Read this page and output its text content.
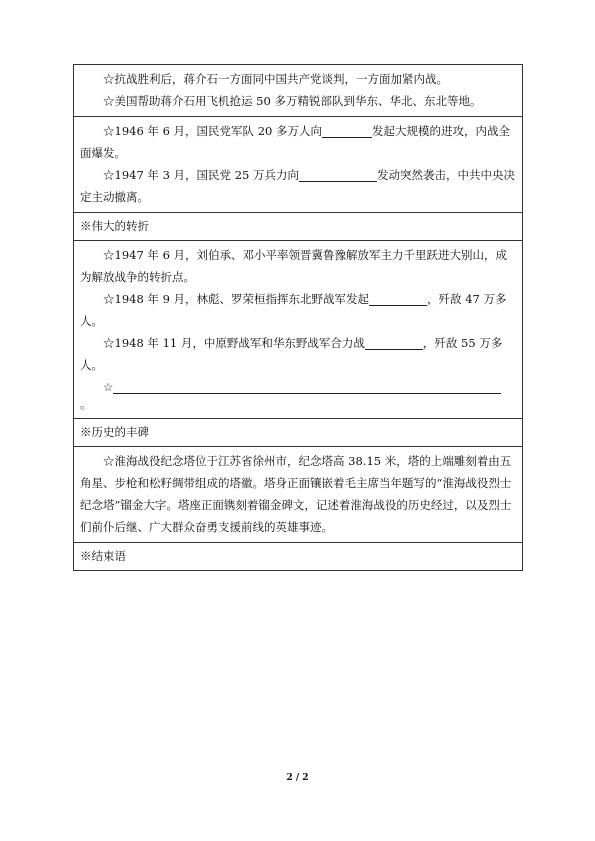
☆抗战胜利后，蒋介石一方面同中国共产党谈判，一方面加紧内战。

☆美国帮助蒋介石用飞机抢运 50 多万精锐部队到华东、华北、东北等地。

☆1946 年 6 月，国民党军队 20 多万人向	发起大规模的进攻，内战全面爆发。

☆1947 年 3 月，国民党 25 万兵力向	发动突然袭击，中共中央决定主动撤离。

※伟大的转折

☆1947 年 6 月，刘伯承、邓小平率领晋冀鲁豫解放军主力千里跃进大别山，成为解放战争的转折点。

☆1948 年 9 月，林彪、罗荣桓指挥东北野战军发起	，歼敌 47 万多人。

☆1948 年 11 月，中原野战军和华东野战军合力战	，歼敌 55 万多人。

☆

。

※历史的丰碑

☆淮海战役纪念塔位于江苏省徐州市，纪念塔高 38.15 米，塔的上端雕刻着由五角星、步枪和松籽绸带组成的塔徽。塔身正面镶嵌着毛主席当年题写的“淮海战役烈士纪念塔”镏金大字。塔座正面镌刻着镏金碑文，记述着淮海战役的历史经过，以及烈士们前仆后继、广大群众奋勇支援前线的英雄事迹。

※结束语

2 / 2
